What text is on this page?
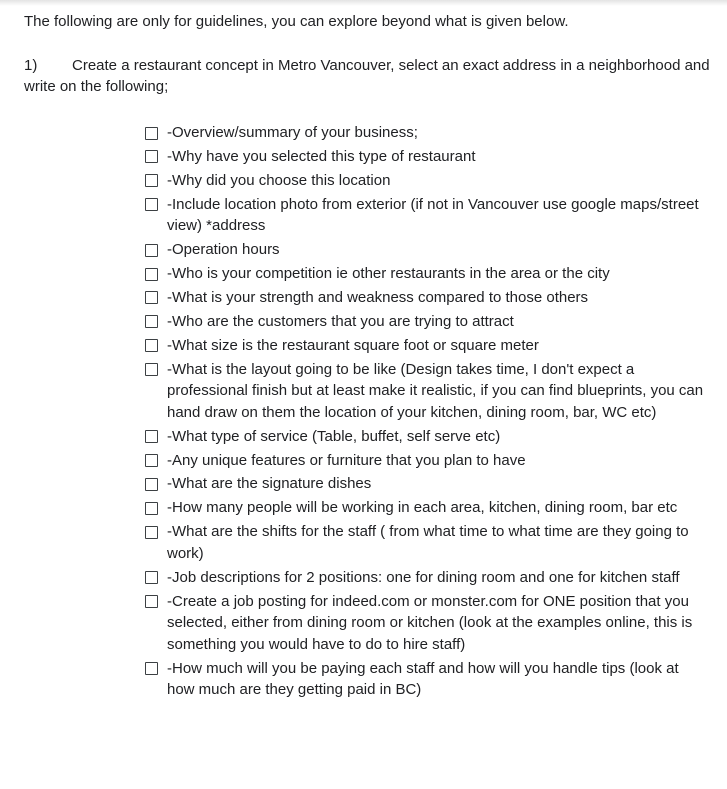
The following are only for guidelines, you can explore beyond what is given below.

1) Create a restaurant concept in Metro Vancouver, select an exact address in a neighborhood and write on the following;

-Overview/summary of your business;
-Why have you selected this type of restaurant
-Why did you choose this location
-Include location photo from exterior (if not in Vancouver use google maps/street view) *address
-Operation hours
-Who is your competition ie other restaurants in the area or the city
-What is your strength and weakness compared to those others
-Who are the customers that you are trying to attract
-What size is the restaurant square foot or square meter
-What is the layout going to be like (Design takes time, I don't expect a professional finish but at least make it realistic, if you can find blueprints, you can hand draw on them the location of your kitchen, dining room, bar, WC etc)
-What type of service (Table, buffet, self serve etc)
-Any unique features or furniture that you plan to have
-What are the signature dishes
-How many people will be working in each area, kitchen, dining room, bar etc
-What are the shifts for the staff ( from what time to what time are they going to work)
-Job descriptions for 2 positions: one for dining room and one for kitchen staff
-Create a job posting for indeed.com or monster.com for ONE position that you selected, either from dining room or kitchen (look at the examples online, this is something you would have to do to hire staff)
-How much will you be paying each staff and how will you handle tips (look at how much are they getting paid in BC)
